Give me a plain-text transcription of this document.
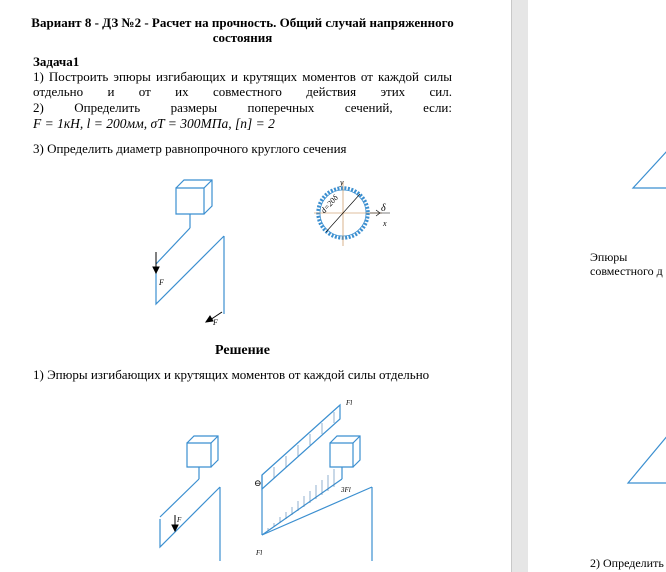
Вариант 8 - ДЗ №2 - Расчет на прочность. Общий случай напряженного состояния
Задача1
1) Построить эпюры изгибающих и крутящих моментов от каждой силы отдельно и от их совместного действия этих сил.
2) Определить размеры поперечных сечений, если:
F = 1кН, l = 200мм, σT = 300МПа, [n] = 2
3) Определить диаметр равнопрочного круглого сечения
F
F
y
x
δ
d=20δ
Решение
1) Эпюры изгибающих и крутящих моментов от каждой силы отдельно
Fl
3Fl
Fl
⊖
F
Эпюры
совместного д
2) Определить
